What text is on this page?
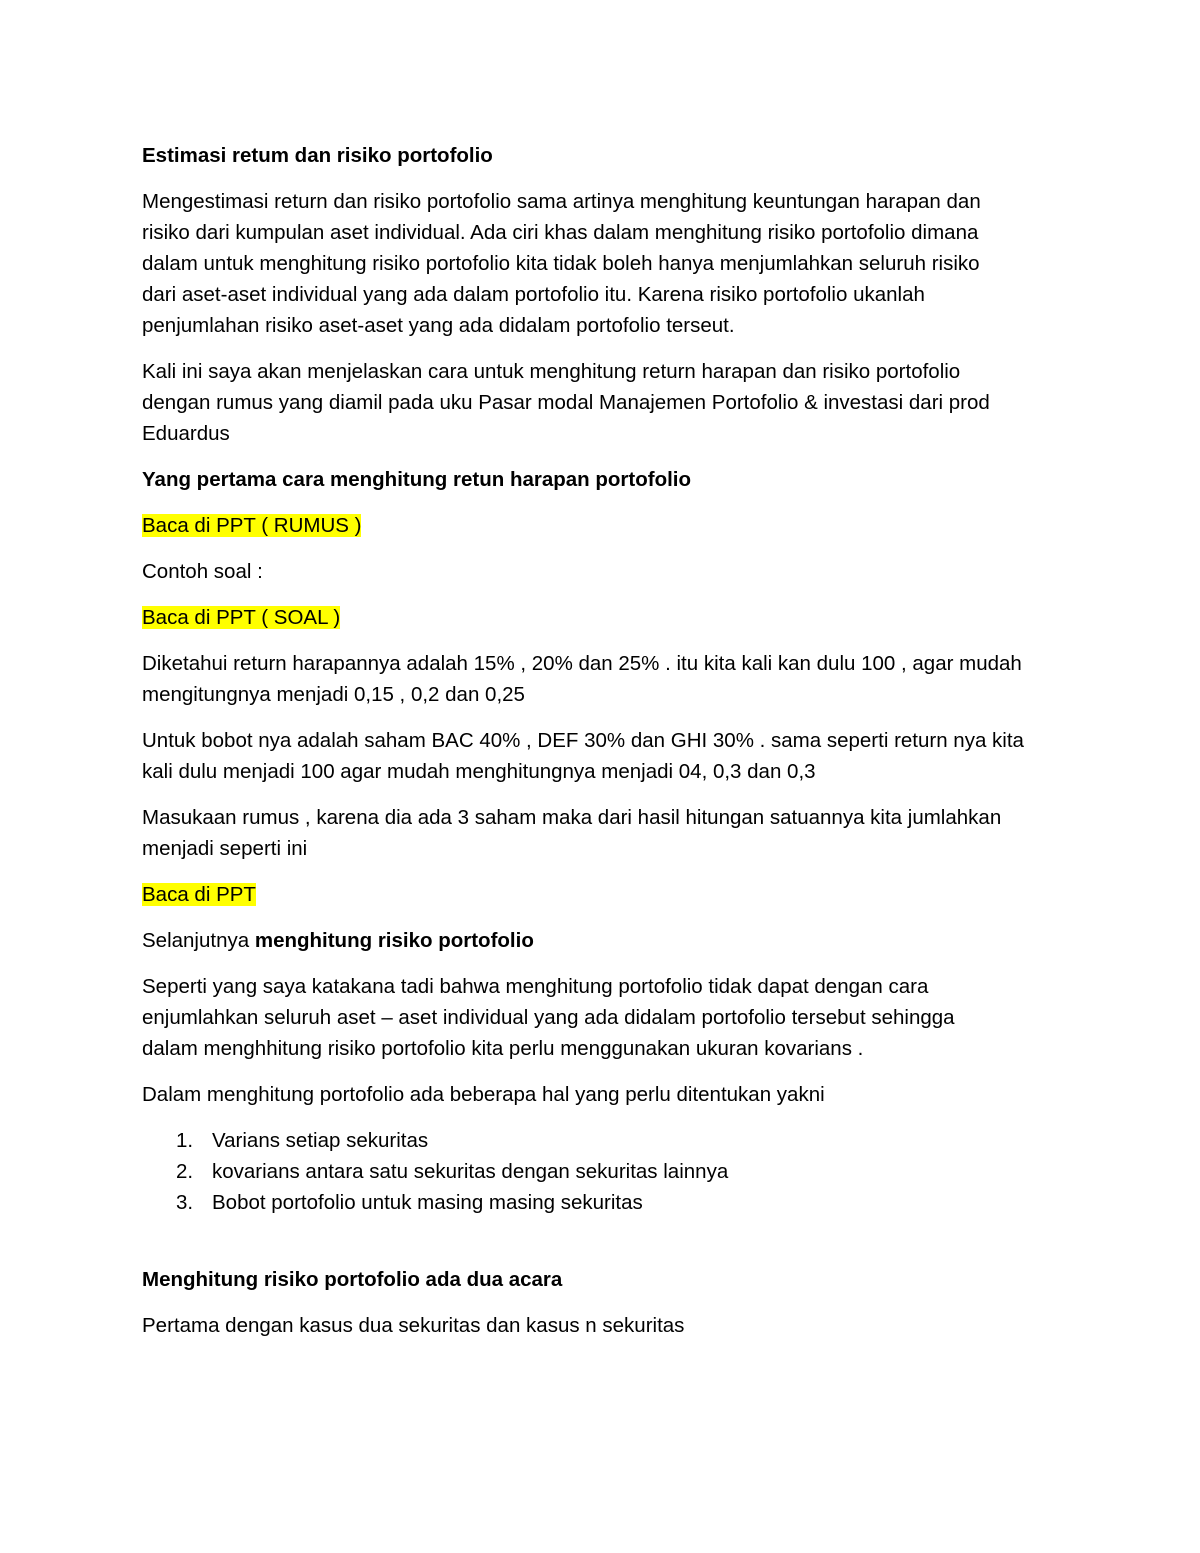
Estimasi retum dan risiko portofolio

Mengestimasi return dan risiko portofolio sama artinya menghitung keuntungan harapan dan
risiko dari kumpulan aset individual. Ada ciri khas dalam menghitung risiko portofolio dimana
dalam untuk menghitung risiko portofolio kita tidak boleh hanya menjumlahkan seluruh risiko
dari aset-aset individual yang ada dalam portofolio itu. Karena risiko portofolio ukanlah
penjumlahan risiko aset-aset yang ada didalam portofolio terseut.

Kali ini saya akan menjelaskan cara untuk menghitung return harapan dan risiko portofolio
dengan rumus yang diamil pada uku Pasar modal Manajemen Portofolio & investasi dari prod
Eduardus

Yang pertama cara menghitung retun harapan portofolio

Baca di PPT ( RUMUS )

Contoh soal :

Baca di PPT ( SOAL )

Diketahui return harapannya adalah 15% , 20% dan 25% . itu kita kali kan dulu 100 , agar mudah
mengitungnya menjadi 0,15 , 0,2 dan 0,25

Untuk bobot nya adalah saham BAC 40% , DEF 30% dan GHI 30% . sama seperti return nya kita
kali dulu menjadi 100 agar mudah menghitungnya menjadi 04, 0,3 dan 0,3

Masukaan rumus , karena dia ada 3 saham maka dari hasil hitungan satuannya kita jumlahkan
menjadi seperti ini

Baca di PPT

Selanjutnya menghitung risiko portofolio

Seperti yang saya katakana tadi bahwa menghitung portofolio tidak dapat dengan cara
enjumlahkan seluruh aset – aset individual yang ada didalam portofolio tersebut sehingga
dalam menghhitung risiko portofolio kita perlu menggunakan ukuran kovarians .

Dalam menghitung portofolio ada beberapa hal yang perlu ditentukan yakni

1. Varians setiap sekuritas
2. kovarians antara satu sekuritas dengan sekuritas lainnya
3. Bobot portofolio untuk masing masing sekuritas

Menghitung risiko portofolio ada dua acara

Pertama dengan kasus dua sekuritas dan kasus n sekuritas
